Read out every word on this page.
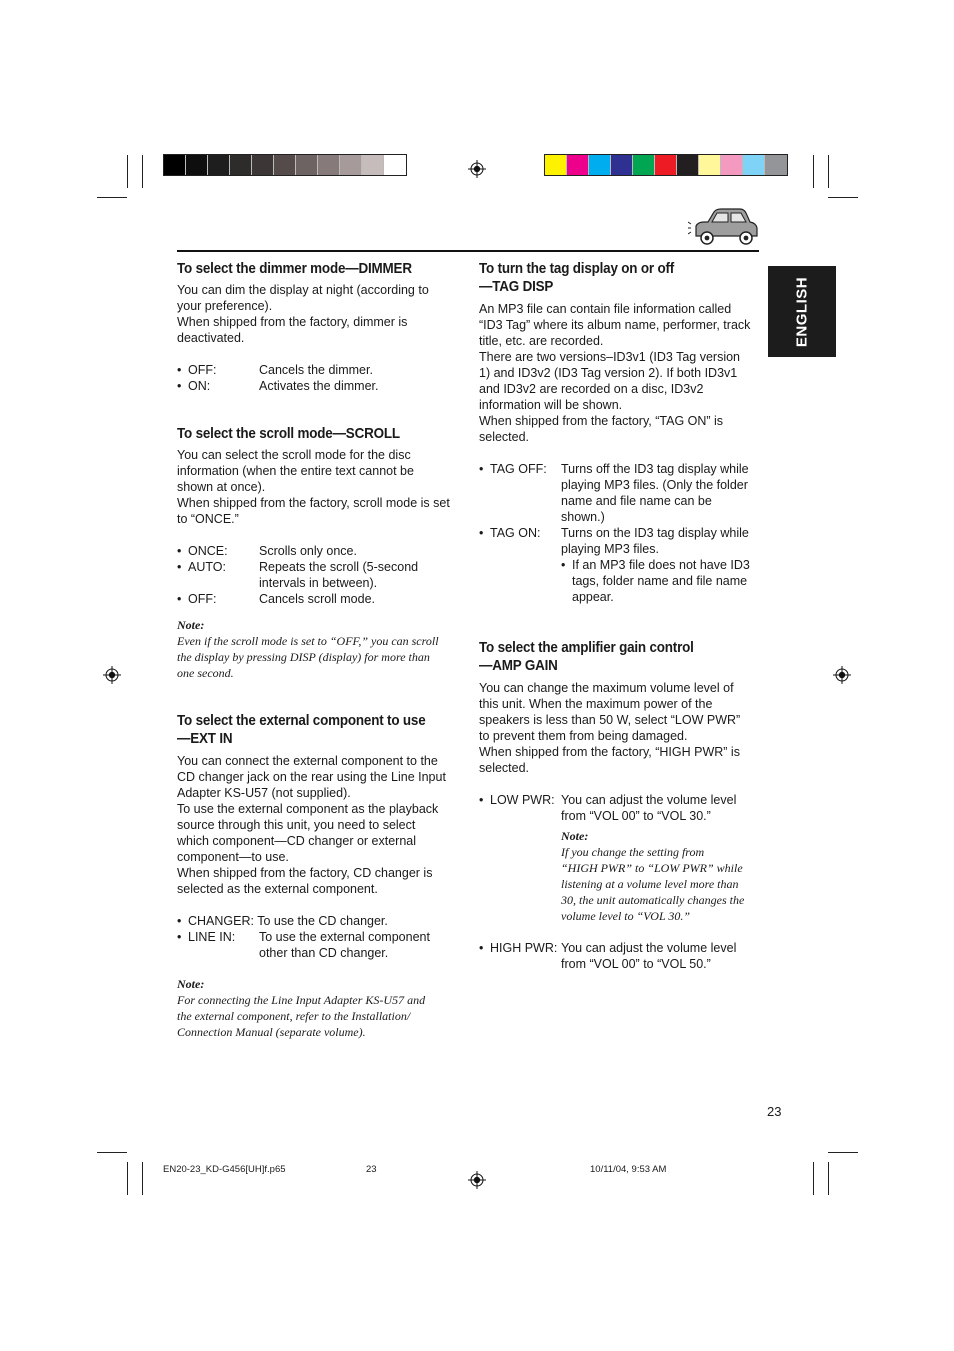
ENGLISH
To select the dimmer mode—DIMMER

You can dim the display at night (according to
your preference).
When shipped from the factory, dimmer is
deactivated.

• OFF:	Cancels the dimmer.
• ON:	Activates the dimmer.
To select the scroll mode—SCROLL

You can select the scroll mode for the disc
information (when the entire text cannot be
shown at once).
When shipped from the factory, scroll mode is set
to “ONCE.”

• ONCE:	Scrolls only once.
• AUTO:	Repeats the scroll (5-second
intervals in between).
• OFF:	Cancels scroll mode.

Note:

Even if the scroll mode is set to “OFF,” you can scroll
the display by pressing DISP (display) for more than
one second.

To select the external component to use
—EXT IN

You can connect the external component to the
CD changer jack on the rear using the Line Input
Adapter KS-U57 (not supplied).
To use the external component as the playback
source through this unit, you need to select
which component—CD changer or external
component—to use.
When shipped from the factory, CD changer is
selected as the external component.

• CHANGER: To use the CD changer.
• LINE IN: To use the external component
other than CD changer.

Note:

For connecting the Line Input Adapter KS-U57 and
the external component, refer to the Installation/
Connection Manual (separate volume).

To turn the tag display on or off
—TAG DISP

An MP3 file can contain file information called
“ID3 Tag” where its album name, performer, track
title, etc. are recorded.
There are two versions–ID3v1 (ID3 Tag version
1) and ID3v2 (ID3 Tag version 2). If both ID3v1
and ID3v2 are recorded on a disc, ID3v2
information will be shown.
When shipped from the factory, “TAG ON” is
selected.

• TAG OFF: Turns off the ID3 tag display while
playing MP3 files. (Only the folder
name and file name can be
shown.)
• TAG ON: Turns on the ID3 tag display while
playing MP3 files.
• If an MP3 file does not have ID3
tags, folder name and file name
appear.
To select the amplifier gain control
—AMP GAIN

You can change the maximum volume level of
this unit. When the maximum power of the
speakers is less than 50 W, select “LOW PWR”
to prevent them from being damaged.
When shipped from the factory, “HIGH PWR” is
selected.

• LOW PWR: You can adjust the volume level
from “VOL 00” to “VOL 30.”

Note:

If you change the setting from
“HIGH PWR” to “LOW PWR” while
listening at a volume level more than
30, the unit automatically changes the
volume level to “VOL 30.”

• HIGH PWR: You can adjust the volume level
from “VOL 00” to “VOL 50.”
23
EN20-23_KD-G456[UH]f.p65	23	10/11/04, 9:53 AM
